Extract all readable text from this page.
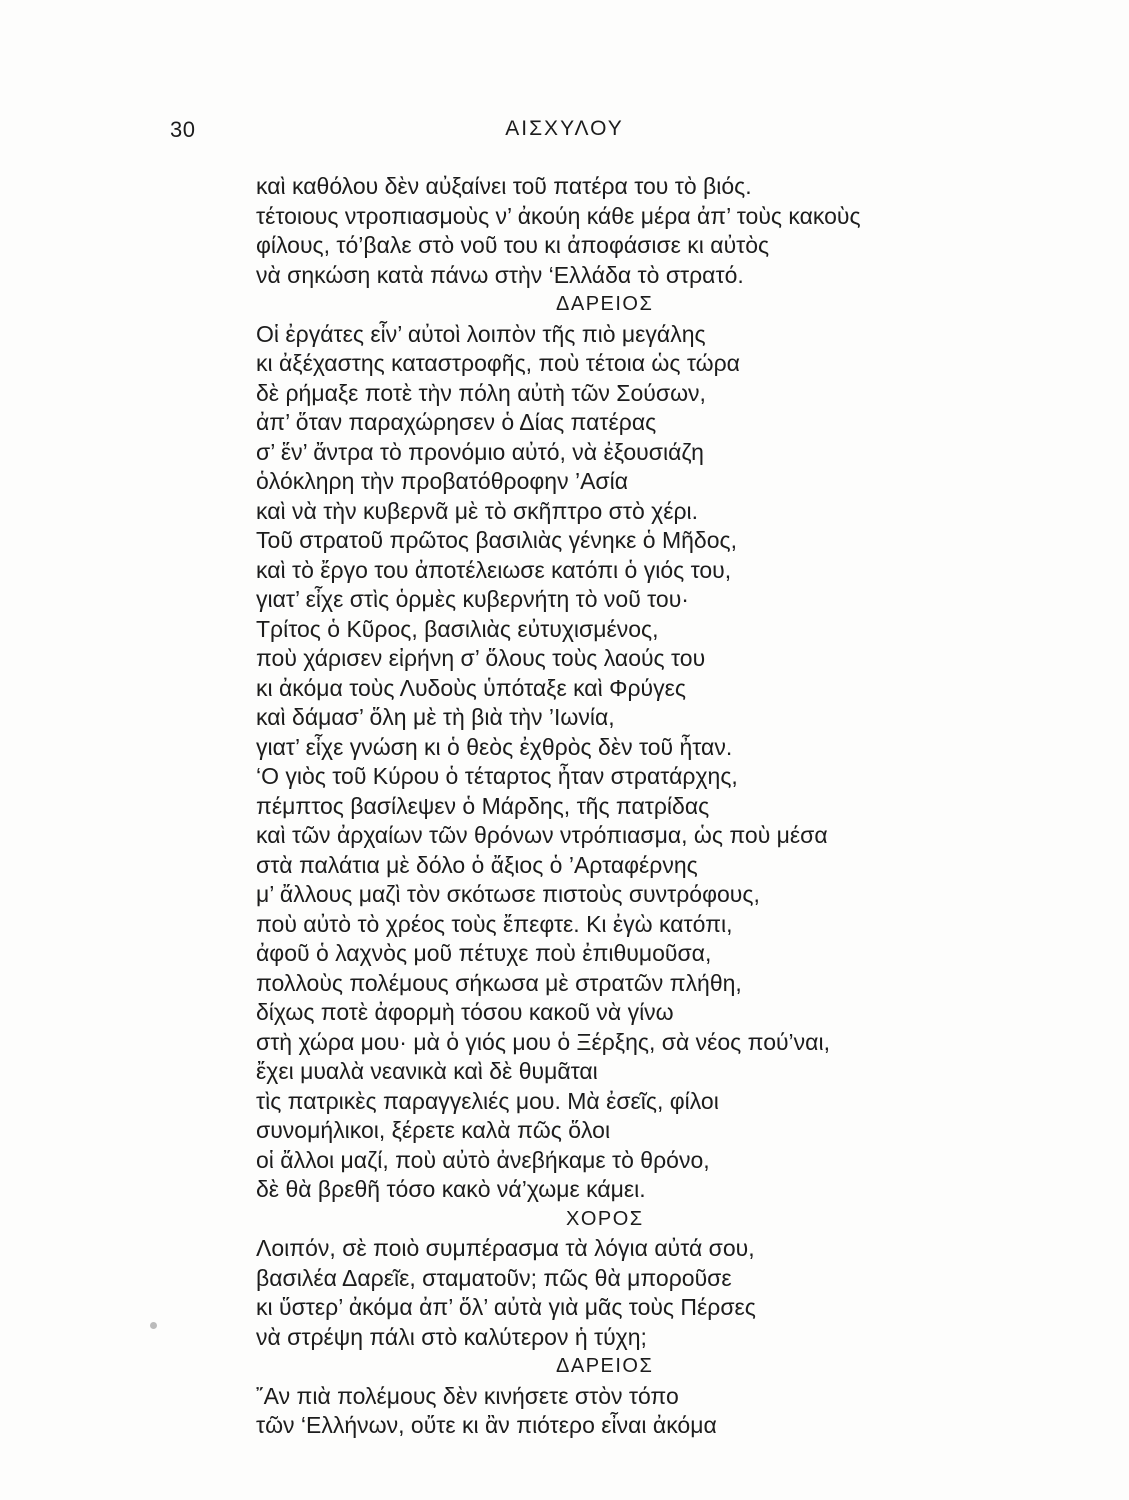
30	ΑΙΣΧΥΛΟΥ
καὶ καθόλου δὲν αὐξαίνει τοῦ πατέρα του τὸ βιός.
τέτοιους ντροπιασμοὺς ν’ ἀκούη κάθε μέρα ἀπ’ τοὺς κακοὺς
φίλους, τό’βαλε στὸ νοῦ του κι ἀποφάσισε κι αὐτὸς
νὰ σηκώση κατὰ πάνω στὴν ‘Ελλάδα τὸ στρατό.
ΔΑΡΕΙΟΣ
Οἱ ἐργάτες εἶν’ αὐτοὶ λοιπὸν τῆς πιὸ μεγάλης
κι ἀξέχαστης καταστροφῆς, ποὺ τέτοια ὡς τώρα
δὲ ρήμαξε ποτὲ τὴν πόλη αὐτὴ τῶν Σούσων,
ἀπ’ ὅταν παραχώρησεν ὁ Δίας πατέρας
σ’ ἕν’ ἄντρα τὸ προνόμιο αὐτό, νὰ ἐξουσιάζη
ὁλόκληρη τὴν προβατόθροφην ’Ασία
καὶ νὰ τὴν κυβερνᾶ μὲ τὸ σκῆπτρο στὸ χέρι.
Τοῦ στρατοῦ πρῶτος βασιλιὰς γένηκε ὁ Μῆδος,
καὶ τὸ ἔργο του ἀποτέλειωσε κατόπι ὁ γιός του,
γιατ’ εἶχε στὶς ὁρμὲς κυβερνήτη τὸ νοῦ του·
Τρίτος ὁ Κῦρος, βασιλιὰς εὐτυχισμένος,
ποὺ χάρισεν εἰρήνη σ’ ὅλους τοὺς λαούς του
κι ἀκόμα τοὺς Λυδοὺς ὑπόταξε καὶ Φρύγες
καὶ δάμασ’ ὅλη μὲ τὴ βιὰ τὴν ’Ιωνία,
γιατ’ εἶχε γνώση κι ὁ θεὸς ἐχθρὸς δὲν τοῦ ἦταν.
‘Ο γιὸς τοῦ Κύρου ὁ τέταρτος ἦταν στρατάρχης,
πέμπτος βασίλεψεν ὁ Μάρδης, τῆς πατρίδας
καὶ τῶν ἀρχαίων τῶν θρόνων ντρόπιασμα, ὡς ποὺ μέσα
στὰ παλάτια μὲ δόλο ὁ ἄξιος ὁ ’Αρταφέρνης
μ’ ἄλλους μαζὶ τὸν σκότωσε πιστοὺς συντρόφους,
ποὺ αὐτὸ τὸ χρέος τοὺς ἔπεφτε. Κι ἐγὼ κατόπι,
ἀφοῦ ὁ λαχνὸς μοῦ πέτυχε ποὺ ἐπιθυμοῦσα,
πολλοὺς πολέμους σήκωσα μὲ στρατῶν πλήθη,
δίχως ποτὲ ἀφορμὴ τόσου κακοῦ νὰ γίνω
στὴ χώρα μου· μὰ ὁ γιός μου ὁ Ξέρξης, σὰ νέος πού’ναι,
ἔχει μυαλὰ νεανικὰ καὶ δὲ θυμᾶται
τὶς πατρικὲς παραγγελιές μου. Μὰ ἐσεῖς, φίλοι
συνομήλικοι, ξέρετε καλὰ πῶς ὅλοι
οἱ ἄλλοι μαζί, ποὺ αὐτὸ ἀνεβήκαμε τὸ θρόνο,
δὲ θὰ βρεθῆ τόσο κακὸ νά’χωμε κάμει.
ΧΟΡΟΣ
Λοιπόν, σὲ ποιὸ συμπέρασμα τὰ λόγια αὐτά σου,
βασιλέα Δαρεῖε, σταματοῦν; πῶς θὰ μποροῦσε
κι ὕστερ’ ἀκόμα ἀπ’ ὅλ’ αὐτὰ γιὰ μᾶς τοὺς Πέρσες
νὰ στρέψη πάλι στὸ καλύτερον ἡ τύχη;
ΔΑΡΕΙΟΣ
῎Αν πιὰ πολέμους δὲν κινήσετε στὸν τόπο
τῶν ‘Ελλήνων, οὔτε κι ἂν πιότερο εἶναι ἀκόμα
